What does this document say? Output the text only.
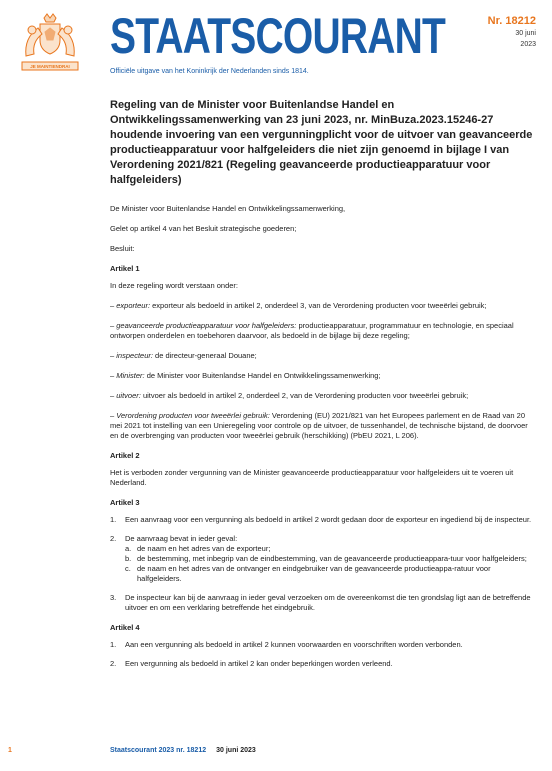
JE MAINTIENDRAI
STAATSCOURANT
Officiële uitgave van het Koninkrijk der Nederlanden sinds 1814.
Nr. 18212
30 juni
2023
Regeling van de Minister voor Buitenlandse Handel en Ontwikkelingssamenwerking van 23 juni 2023, nr. MinBuza.2023.15246-27 houdende invoering van een vergunningplicht voor de uitvoer van geavanceerde productieapparatuur voor halfgeleiders die niet zijn genoemd in bijlage I van Verordening 2021/821 (Regeling geavanceerde productieapparatuur voor halfgeleiders)

De Minister voor Buitenlandse Handel en Ontwikkelingssamenwerking,

Gelet op artikel 4 van het Besluit strategische goederen;

Besluit:

Artikel 1

In deze regeling wordt verstaan onder:

– exporteur: exporteur als bedoeld in artikel 2, onderdeel 3, van de Verordening producten voor tweeërlei gebruik;

– geavanceerde productieapparatuur voor halfgeleiders: productieapparatuur, programmatuur en technologie, en speciaal ontworpen onderdelen en toebehoren daarvoor, als bedoeld in de bijlage bij deze regeling;

– inspecteur: de directeur-generaal Douane;

– Minister: de Minister voor Buitenlandse Handel en Ontwikkelingssamenwerking;

– uitvoer: uitvoer als bedoeld in artikel 2, onderdeel 2, van de Verordening producten voor tweeërlei gebruik;

– Verordening producten voor tweeërlei gebruik: Verordening (EU) 2021/821 van het Europees parlement en de Raad van 20 mei 2021 tot instelling van een Unieregeling voor controle op de uitvoer, de tussenhandel, de technische bijstand, de doorvoer en de overbrenging van producten voor tweeërlei gebruik (herschikking) (PbEU 2021, L 206).

Artikel 2

Het is verboden zonder vergunning van de Minister geavanceerde productieapparatuur voor halfgeleiders uit te voeren uit Nederland.

Artikel 3

1. Een aanvraag voor een vergunning als bedoeld in artikel 2 wordt gedaan door de exporteur en ingediend bij de inspecteur.
2. De aanvraag bevat in ieder geval:
a. de naam en het adres van de exporteur;
b. de bestemming, met inbegrip van de eindbestemming, van de geavanceerde productieappara-tuur voor halfgeleiders;
c. de naam en het adres van de ontvanger en eindgebruiker van de geavanceerde productieappa-ratuur voor halfgeleiders.
3. De inspecteur kan bij de aanvraag in ieder geval verzoeken om de overeenkomst die ten grondslag ligt aan de betreffende uitvoer en om een verklaring betreffende het eindgebruik.

Artikel 4

1. Aan een vergunning als bedoeld in artikel 2 kunnen voorwaarden en voorschriften worden verbonden.
2. Een vergunning als bedoeld in artikel 2 kan onder beperkingen worden verleend.
1	Staatscourant 2023 nr. 18212 30 juni 2023
